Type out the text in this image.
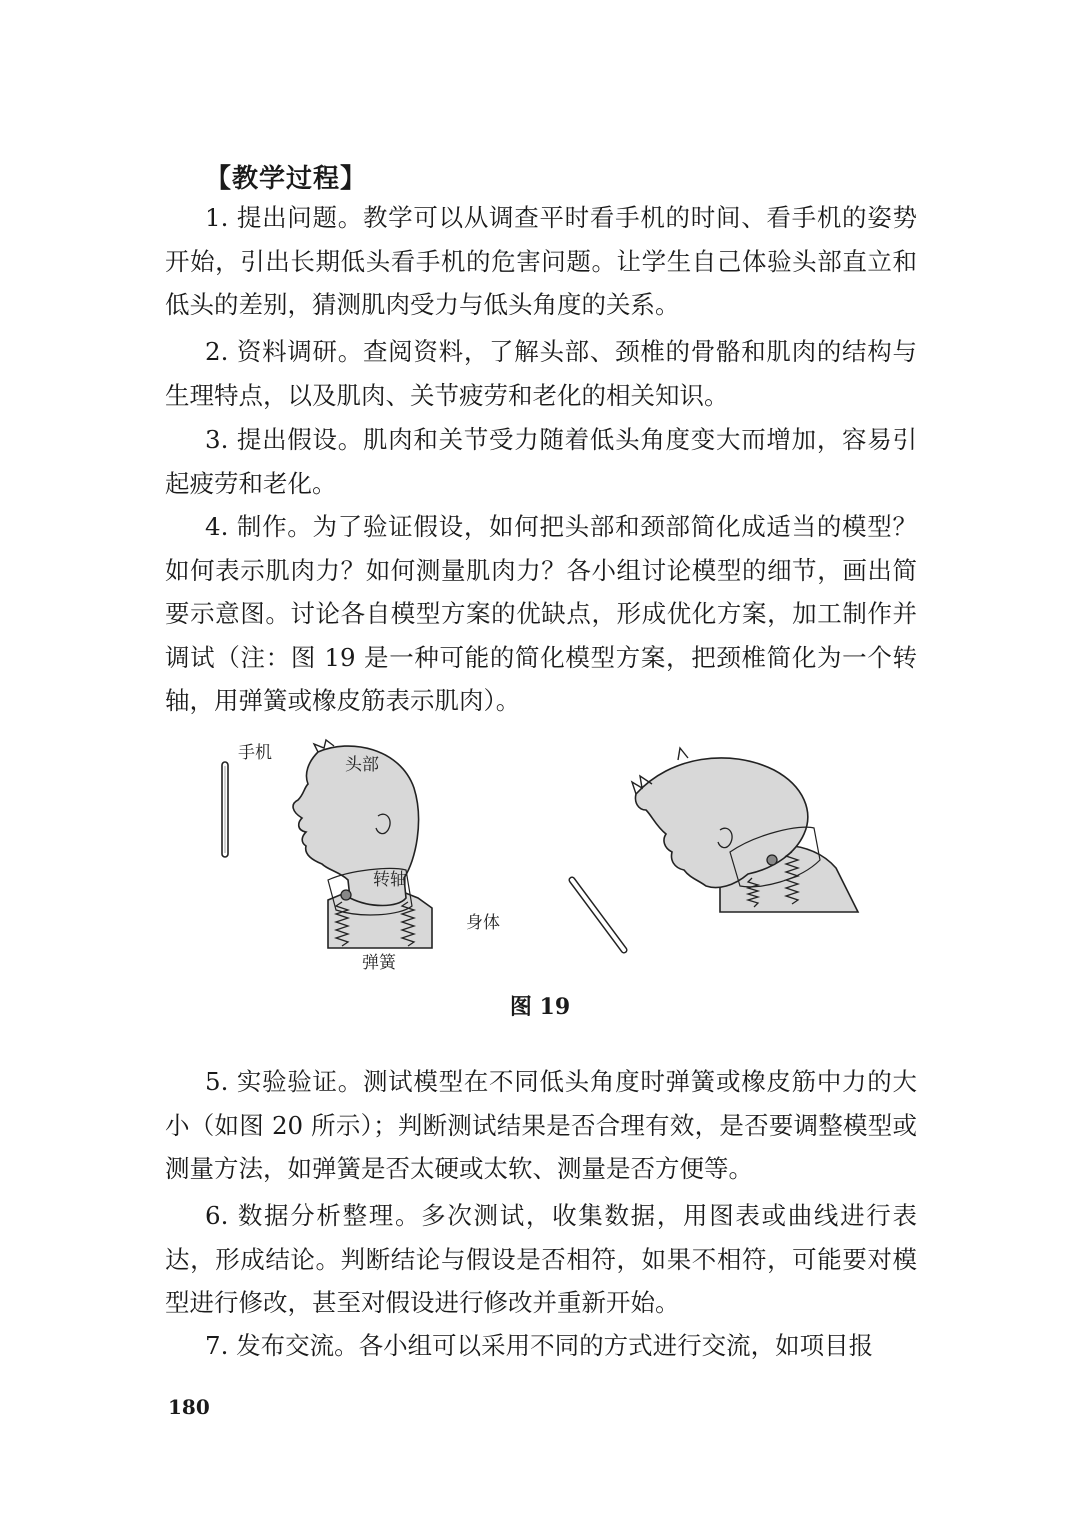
【教学过程】

1. 提出问题。教学可以从调查平时看手机的时间、看手机的姿势开始，引出长期低头看手机的危害问题。让学生自己体验头部直立和低头的差别，猜测肌肉受力与低头角度的关系。

2. 资料调研。查阅资料，了解头部、颈椎的骨骼和肌肉的结构与生理特点，以及肌肉、关节疲劳和老化的相关知识。

3. 提出假设。肌肉和关节受力随着低头角度变大而增加，容易引起疲劳和老化。

4. 制作。为了验证假设，如何把头部和颈部简化成适当的模型？如何表示肌肉力？如何测量肌肉力？各小组讨论模型的细节，画出简要示意图。讨论各自模型方案的优缺点，形成优化方案，加工制作并调试（注：图 19 是一种可能的简化模型方案，把颈椎简化为一个转轴，用弹簧或橡皮筋表示肌肉）。

手机
头部
转轴
身体
弹簧
图 19

5. 实验验证。测试模型在不同低头角度时弹簧或橡皮筋中力的大小（如图 20 所示）；判断测试结果是否合理有效，是否要调整模型或测量方法，如弹簧是否太硬或太软、测量是否方便等。

6. 数据分析整理。多次测试，收集数据，用图表或曲线进行表达，形成结论。判断结论与假设是否相符，如果不相符，可能要对模型进行修改，甚至对假设进行修改并重新开始。

7. 发布交流。各小组可以采用不同的方式进行交流，如项目报

180
